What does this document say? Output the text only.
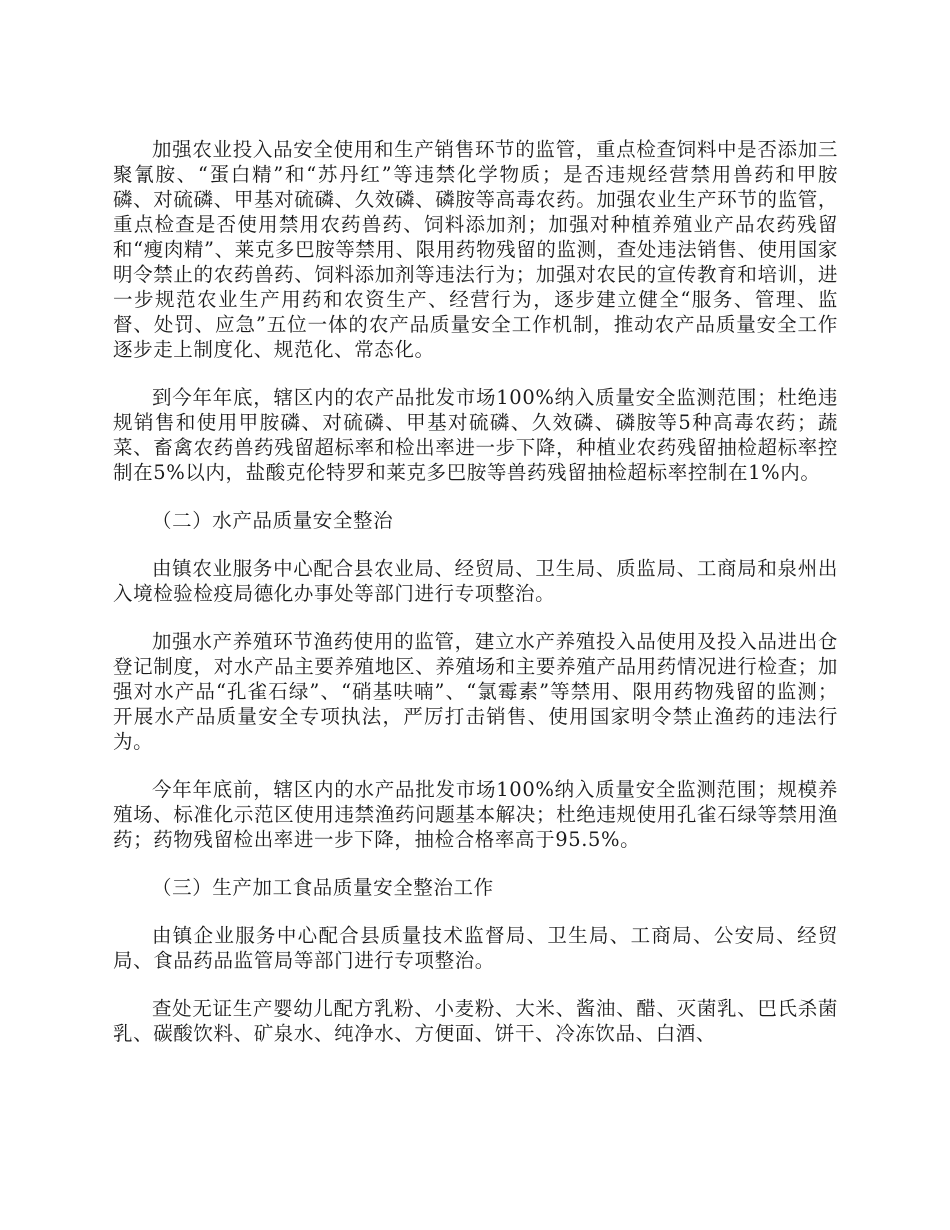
加强农业投入品安全使用和生产销售环节的监管，重点检查饲料中是否添加三聚氰胺、“蛋白精”和“苏丹红”等违禁化学物质；是否违规经营禁用兽药和甲胺磷、对硫磷、甲基对硫磷、久效磷、磷胺等高毒农药。加强农业生产环节的监管，重点检查是否使用禁用农药兽药、饲料添加剂；加强对种植养殖业产品农药残留和“瘦肉精”、莱克多巴胺等禁用、限用药物残留的监测，查处违法销售、使用国家明令禁止的农药兽药、饲料添加剂等违法行为；加强对农民的宣传教育和培训，进一步规范农业生产用药和农资生产、经营行为，逐步建立健全“服务、管理、监督、处罚、应急”五位一体的农产品质量安全工作机制，推动农产品质量安全工作逐步走上制度化、规范化、常态化。

到今年年底，辖区内的农产品批发市场100%纳入质量安全监测范围；杜绝违规销售和使用甲胺磷、对硫磷、甲基对硫磷、久效磷、磷胺等5种高毒农药；蔬菜、畜禽农药兽药残留超标率和检出率进一步下降，种植业农药残留抽检超标率控制在5%以内，盐酸克伦特罗和莱克多巴胺等兽药残留抽检超标率控制在1%内。

（二）水产品质量安全整治

由镇农业服务中心配合县农业局、经贸局、卫生局、质监局、工商局和泉州出入境检验检疫局德化办事处等部门进行专项整治。

加强水产养殖环节渔药使用的监管，建立水产养殖投入品使用及投入品进出仓登记制度，对水产品主要养殖地区、养殖场和主要养殖产品用药情况进行检查；加强对水产品“孔雀石绿”、“硝基呋喃”、“氯霉素”等禁用、限用药物残留的监测；开展水产品质量安全专项执法，严厉打击销售、使用国家明令禁止渔药的违法行为。

今年年底前，辖区内的水产品批发市场100%纳入质量安全监测范围；规模养殖场、标准化示范区使用违禁渔药问题基本解决；杜绝违规使用孔雀石绿等禁用渔药；药物残留检出率进一步下降，抽检合格率高于95.5%。

（三）生产加工食品质量安全整治工作

由镇企业服务中心配合县质量技术监督局、卫生局、工商局、公安局、经贸局、食品药品监管局等部门进行专项整治。

查处无证生产婴幼儿配方乳粉、小麦粉、大米、酱油、醋、灭菌乳、巴氏杀菌乳、碳酸饮料、矿泉水、纯净水、方便面、饼干、冷冻饮品、白酒、
